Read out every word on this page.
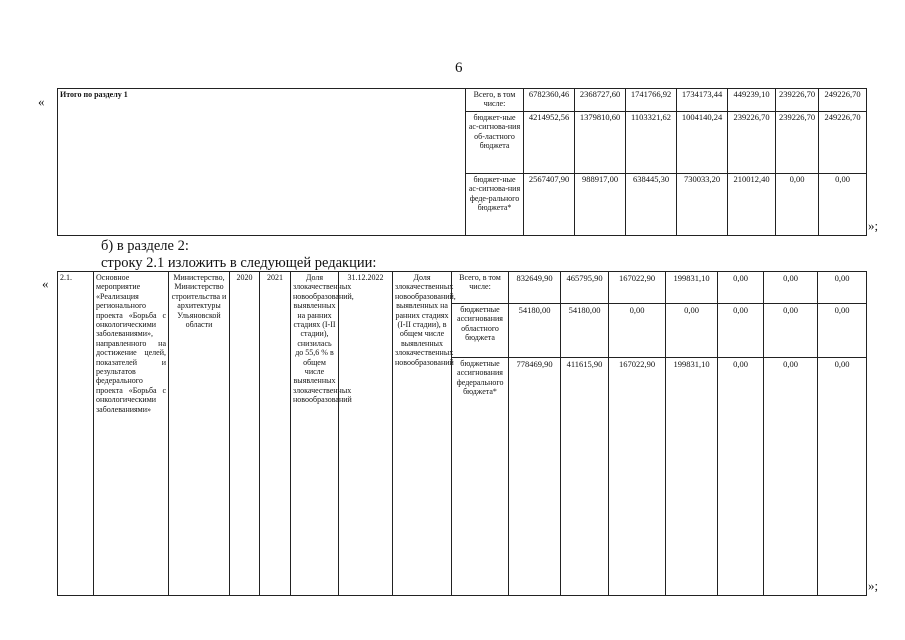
6
« Итого по разделу 1	Всего, в том числе:	6782360,46	2368727,60	1741766,92	1734173,44	449239,10	239226,70	249226,70
	бюджет-ные ас-сигнова-ния об-ластного бюджета	4214952,56	1379810,60	1103321,62	1004140,24	239226,70	239226,70	249226,70
	бюджет-ные ас-сигнова-ния феде-рального бюджета*	2567407,90	988917,00	638445,30	730033,20	210012,40	0,00	0,00
»;
б) в разделе 2:
строку 2.1 изложить в следующей редакции:
« 2.1.	Основное мероприятие «Реализация регионального проекта «Борьба с онкологическими заболеваниями», направленного на достижение целей, показателей и результатов федерального проекта «Борьба с онкологическими заболеваниями»	Министерство, Министерство строительства и архитектуры Ульяновской области	2020	2021	Доля злокачественных новообразований, выявленных на ранних стадиях (I-II стадии), снизилась до 55,6 % в общем числе выявленных злокачественных новообразований	31.12.2022	Доля злокачественных новообразований, выявленных на ранних стадиях (I-II стадии), в общем числе выявленных злокачественных новообразований	Всего, в том числе:	832649,90	465795,90	167022,90	199831,10	0,00	0,00	0,00
								бюджетные ассигнования областного бюджета	54180,00	54180,00	0,00	0,00	0,00	0,00	0,00
								бюджетные ассигнования федерального бюджета*	778469,90	411615,90	167022,90	199831,10	0,00	0,00	0,00
»;
